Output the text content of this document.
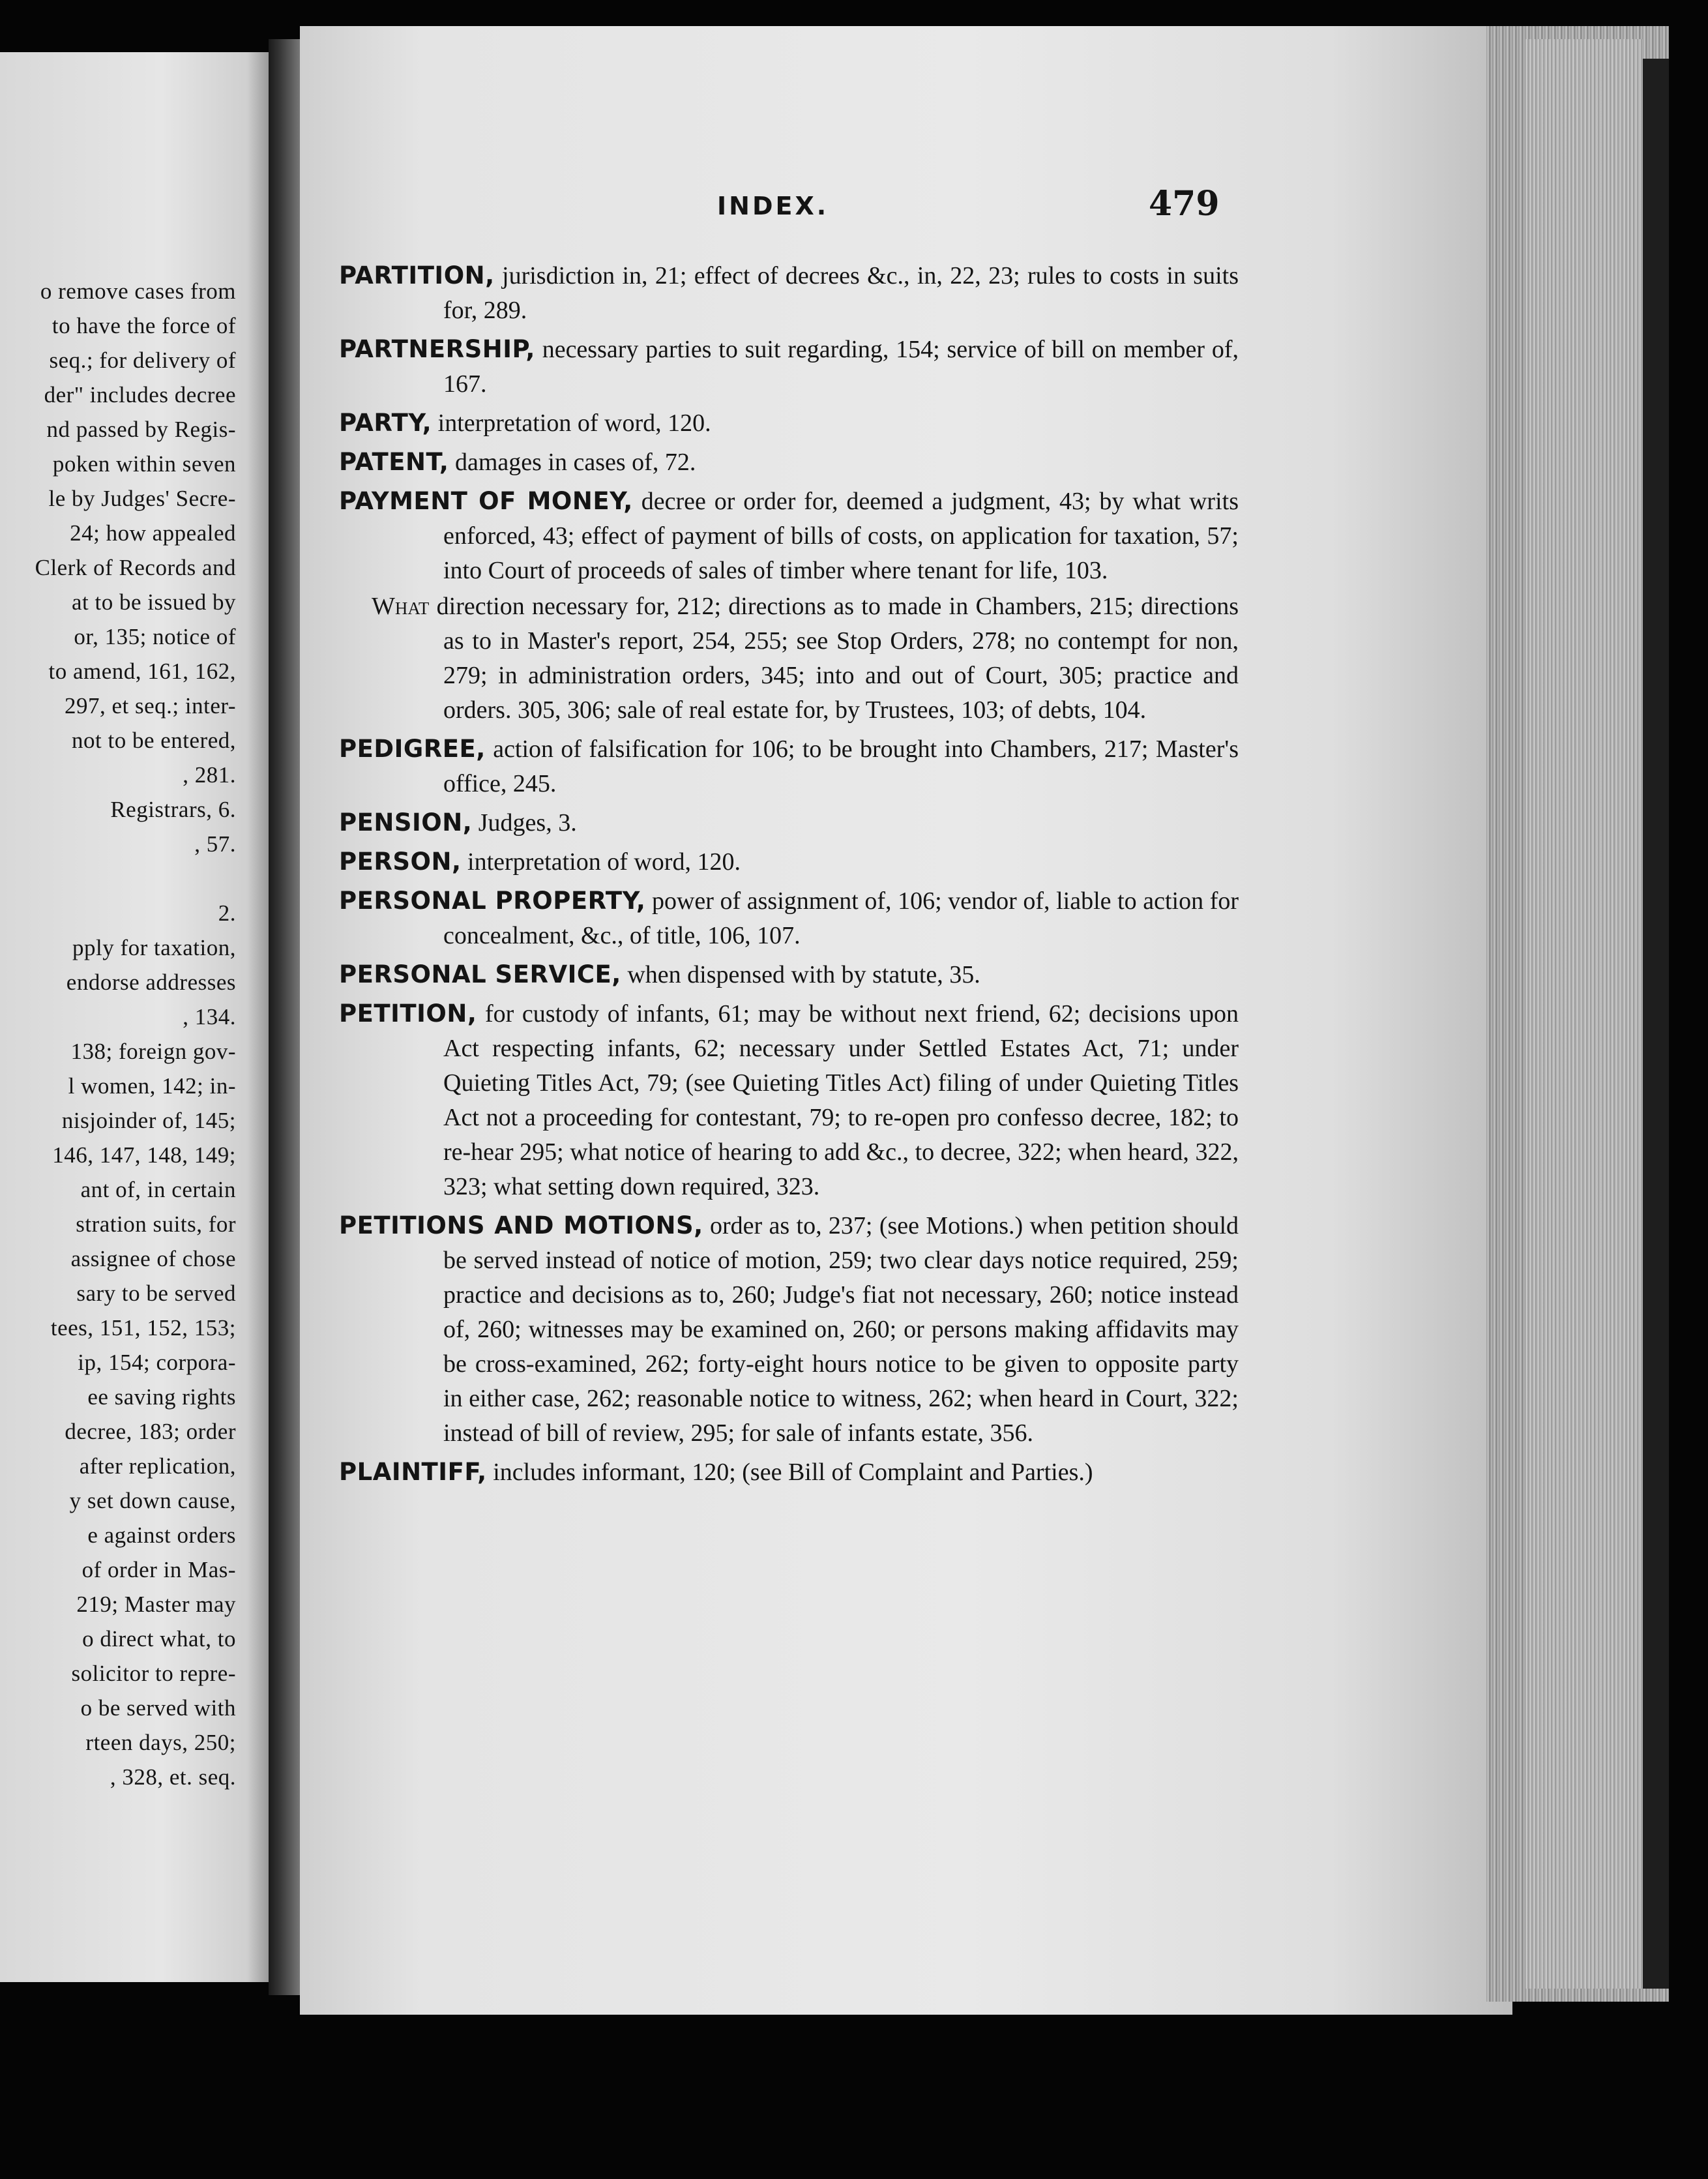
o remove cases from
to have the force of
seq.; for delivery of
der" includes decree
nd passed by Regis-
poken within seven
le by Judges' Secre-
24; how appealed
Clerk of Records and
at to be issued by
or, 135; notice of
to amend, 161, 162,
297, et seq.; inter-
not to be entered,
, 281.
Registrars, 6.
, 57.

2.
pply for taxation,
endorse addresses
, 134.
138; foreign gov-
l women, 142; in-
nisjoinder of, 145;
146, 147, 148, 149;
ant of, in certain
stration suits, for
assignee of chose
sary to be served
tees, 151, 152, 153;
ip, 154; corpora-
ee saving rights
decree, 183; order
after replication,
y set down cause,
e against orders
of order in Mas-
219; Master may
o direct what, to
solicitor to repre-
o be served with
rteen days, 250;
, 328, et. seq.
INDEX.	479
PARTITION, jurisdiction in, 21; effect of decrees &c., in, 22, 23; rules to costs in suits for, 289.
PARTNERSHIP, necessary parties to suit regarding, 154; service of bill on member of, 167.
PARTY, interpretation of word, 120.
PATENT, damages in cases of, 72.
PAYMENT OF MONEY, decree or order for, deemed a judgment, 43; by what writs enforced, 43; effect of payment of bills of costs, on application for taxation, 57; into Court of proceeds of sales of timber where tenant for life, 103.
What direction necessary for, 212; directions as to made in Chambers, 215; directions as to in Master's report, 254, 255; see Stop Orders, 278; no contempt for non, 279; in administration orders, 345; into and out of Court, 305; practice and orders. 305, 306; sale of real estate for, by Trustees, 103; of debts, 104.
PEDIGREE, action of falsification for 106; to be brought into Chambers, 217; Master's office, 245.
PENSION, Judges, 3.
PERSON, interpretation of word, 120.
PERSONAL PROPERTY, power of assignment of, 106; vendor of, liable to action for concealment, &c., of title, 106, 107.
PERSONAL SERVICE, when dispensed with by statute, 35.
PETITION, for custody of infants, 61; may be without next friend, 62; decisions upon Act respecting infants, 62; necessary under Settled Estates Act, 71; under Quieting Titles Act, 79; (see Quieting Titles Act) filing of under Quieting Titles Act not a proceeding for contestant, 79; to re-open pro confesso decree, 182; to re-hear 295; what notice of hearing to add &c., to decree, 322; when heard, 322, 323; what setting down required, 323.
PETITIONS AND MOTIONS, order as to, 237; (see Motions.) when petition should be served instead of notice of motion, 259; two clear days notice required, 259; practice and decisions as to, 260; Judge's fiat not necessary, 260; notice instead of, 260; witnesses may be examined on, 260; or persons making affidavits may be cross-examined, 262; forty-eight hours notice to be given to opposite party in either case, 262; reasonable notice to witness, 262; when heard in Court, 322; instead of bill of review, 295; for sale of infants estate, 356.
PLAINTIFF, includes informant, 120; (see Bill of Complaint and Parties.)
